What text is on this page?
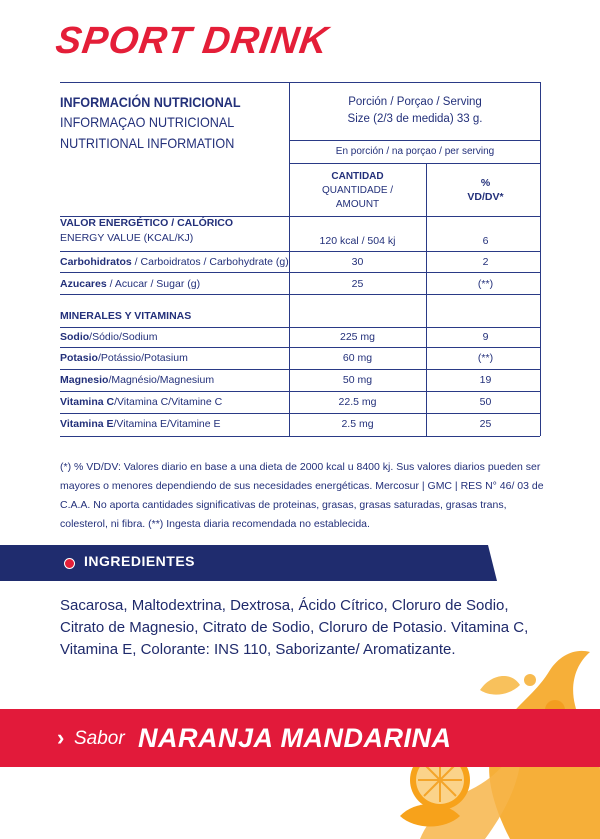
SPORT DRINK
INFORMACIÓN NUTRICIONAL
INFORMAÇAO NUTRICIONAL
NUTRITIONAL INFORMATION
Porción / Porçao / Serving
Size (2/3 de medida) 33 g.
En porción / na porçao / per serving
CANTIDAD
QUANTIDADE /
AMOUNT
%
VD/DV*
VALOR ENERGÉTICO / CALÓRICO
ENERGY VALUE (KCAL/KJ)	120 kcal / 504 kj	6
Carbohidratos / Carboidratos / Carbohydrate (g)	30	2
Azucares / Acucar / Sugar (g)	25	(**)
MINERALES Y VITAMINAS
Sodio/Sódio/Sodium	225 mg	9
Potasio/Potássio/Potasium	60 mg	(**)
Magnesio/Magnésio/Magnesium	50 mg	19
Vitamina C/Vitamina C/Vitamine C	22.5 mg	50
Vitamina E/Vitamina E/Vitamine E	2.5 mg	25
(*) % VD/DV: Valores diario en base a una dieta de 2000 kcal u 8400 kj. Sus valores diarios pueden ser mayores o menores dependiendo de sus necesidades energéticas. Mercosur | GMC | RES N° 46/ 03 de C.A.A. No aporta cantidades significativas de proteinas, grasas, grasas saturadas, grasas trans, colesterol, ni fibra. (**) Ingesta diaria recomendada no establecida.
INGREDIENTES
Sacarosa, Maltodextrina, Dextrosa, Ácido Cítrico, Cloruro de Sodio, Citrato de Magnesio, Citrato de Sodio, Cloruro de Potasio. Vitamina C, Vitamina E, Colorante: INS 110, Saborizante/ Aromatizante.
› Sabor NARANJA MANDARINA
